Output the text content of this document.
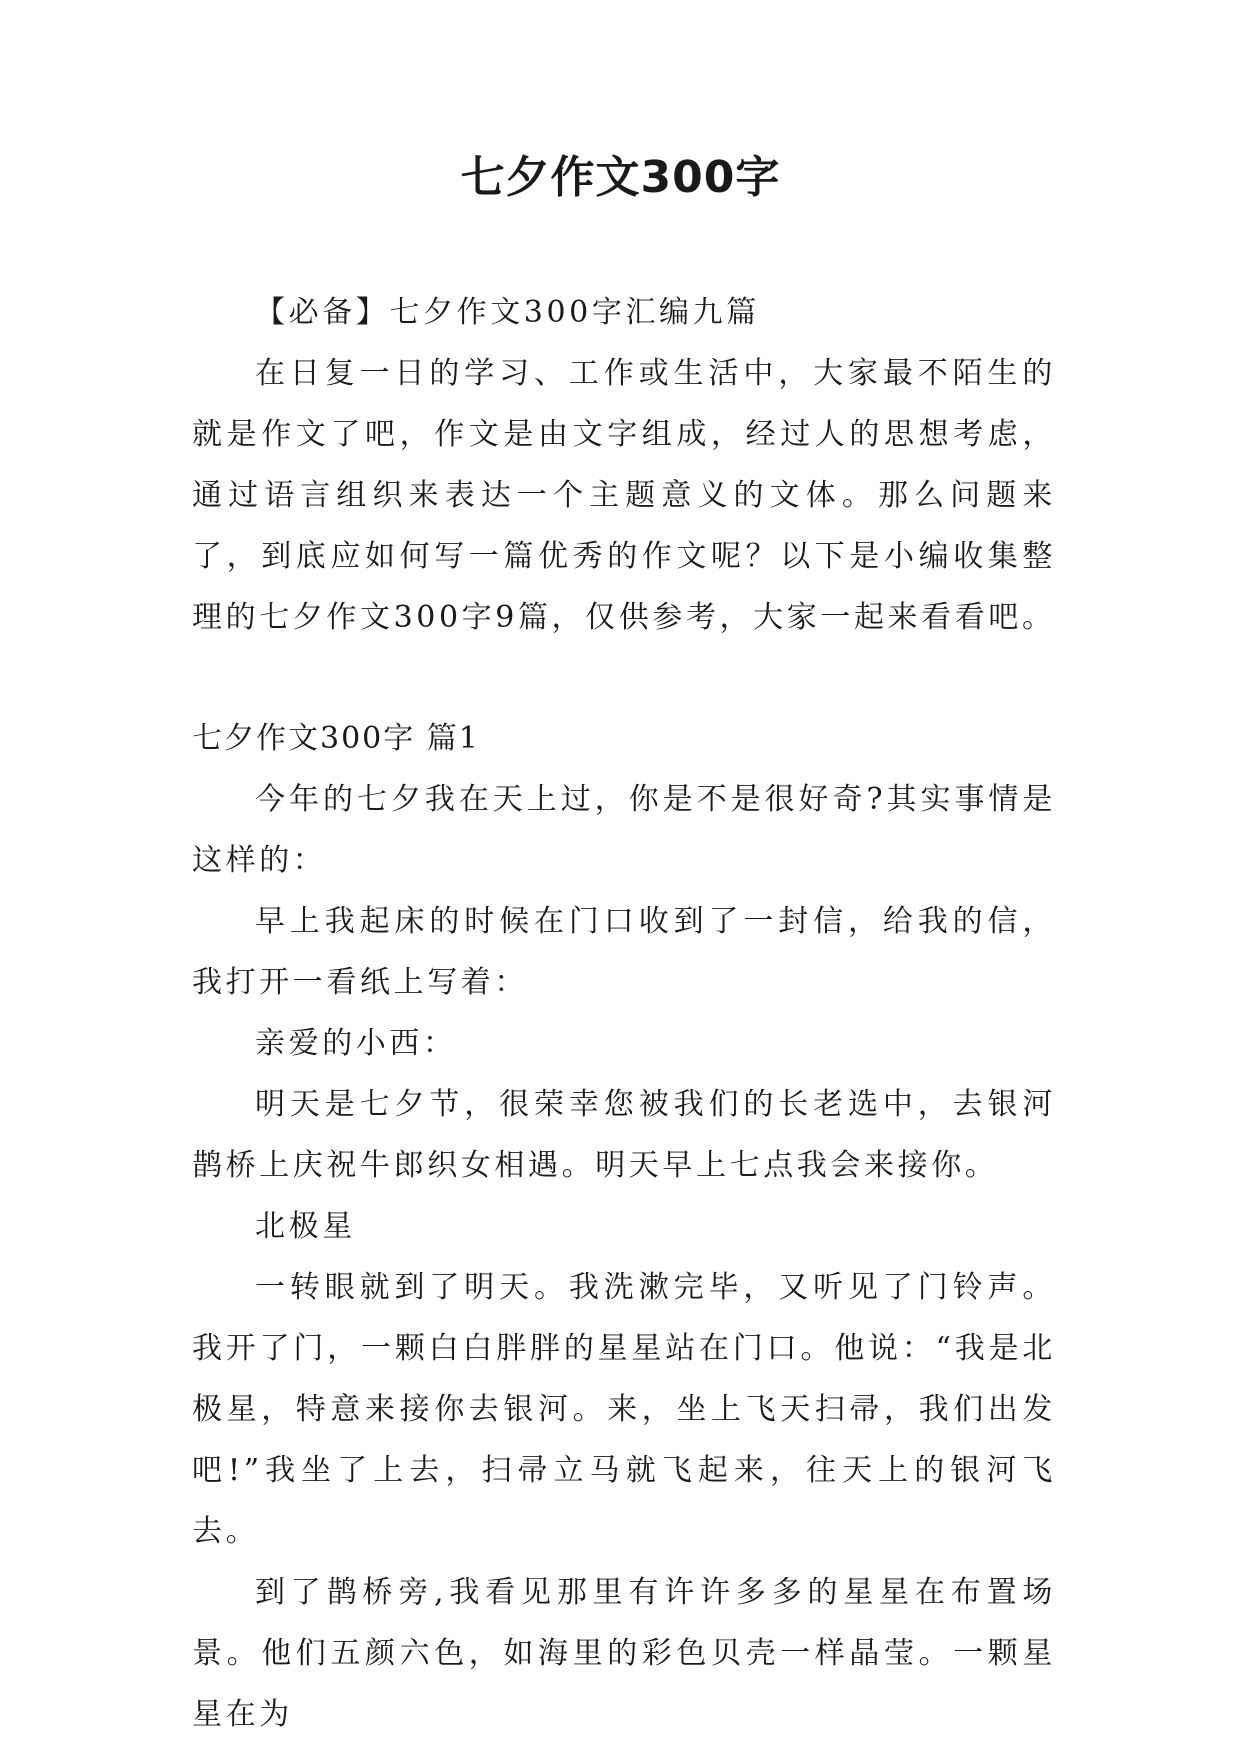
七夕作文300字

【必备】七夕作文300字汇编九篇

在日复一日的学习、工作或生活中，大家最不陌生的就是作文了吧，作文是由文字组成，经过人的思想考虑，通过语言组织来表达一个主题意义的文体。那么问题来了，到底应如何写一篇优秀的作文呢？以下是小编收集整理的七夕作文300字9篇，仅供参考，大家一起来看看吧。

七夕作文300字 篇1

今年的七夕我在天上过，你是不是很好奇?其实事情是这样的：

早上我起床的时候在门口收到了一封信，给我的信，我打开一看纸上写着：

亲爱的小西：

明天是七夕节，很荣幸您被我们的长老选中，去银河鹊桥上庆祝牛郎织女相遇。明天早上七点我会来接你。

北极星

一转眼就到了明天。我洗漱完毕，又听见了门铃声。我开了门，一颗白白胖胖的星星站在门口。他说：“我是北极星，特意来接你去银河。来，坐上飞天扫帚，我们出发吧!”我坐了上去，扫帚立马就飞起来，往天上的银河飞去。

到了鹊桥旁,我看见那里有许许多多的星星在布置场景。他们五颜六色，如海里的彩色贝壳一样晶莹。一颗星星在为
